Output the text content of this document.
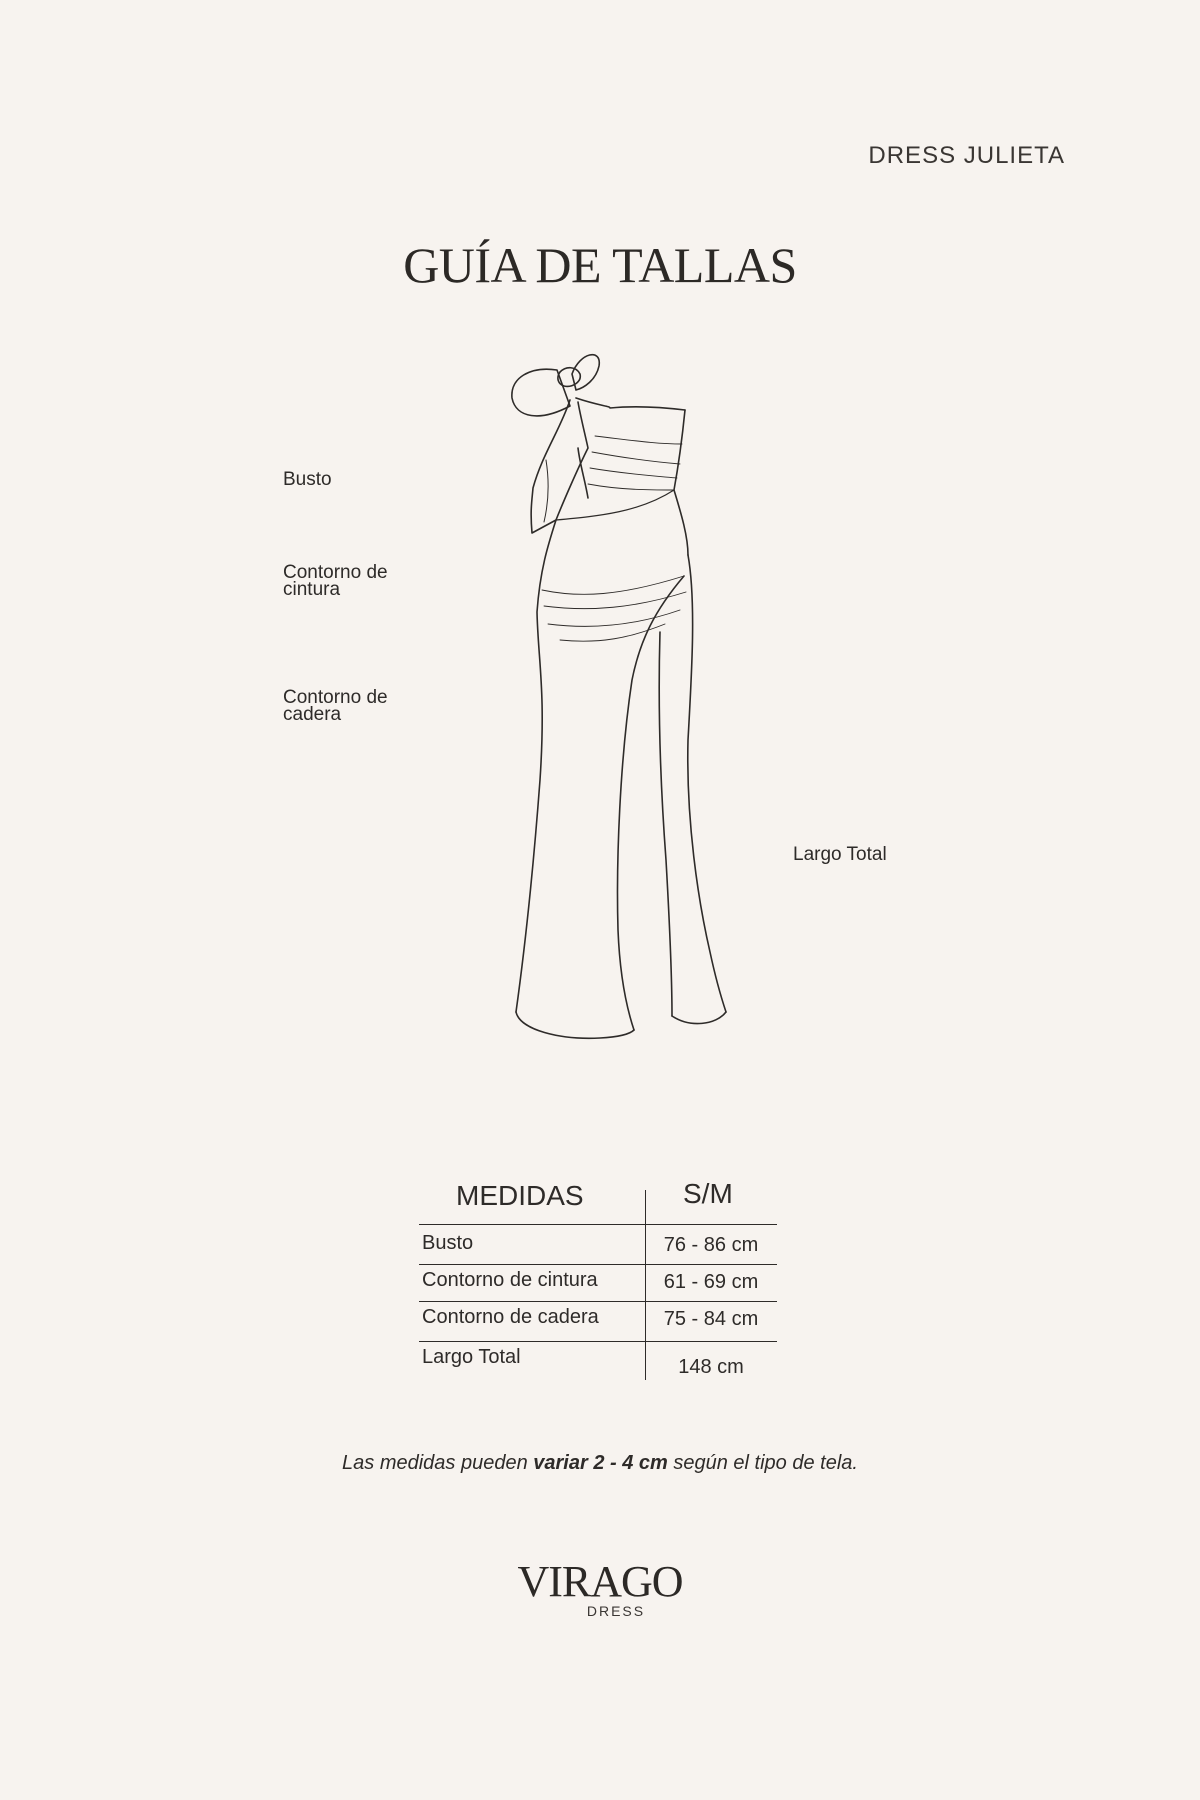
DRESS JULIETA
GUÍA DE TALLAS
Busto
Contorno de
cintura
Contorno de
cadera
Largo Total
MEDIDAS	S/M
Busto	76 - 86 cm
Contorno de cintura	61 - 69 cm
Contorno de cadera	75 - 84 cm
Largo Total	148 cm
Las medidas pueden variar 2 - 4 cm según el tipo de tela.
VIRAGO
DRESS
